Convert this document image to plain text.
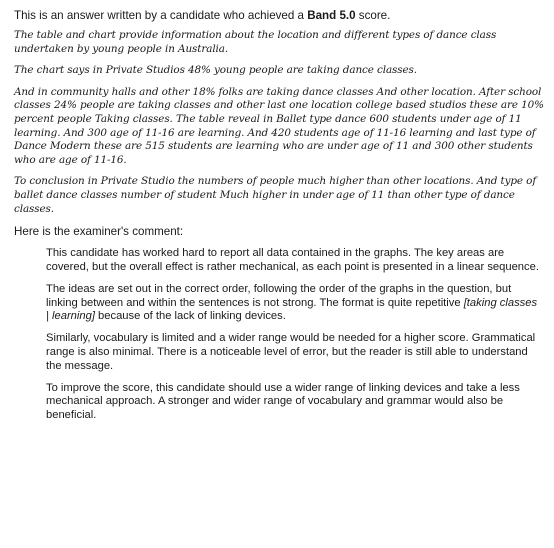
This is an answer written by a candidate who achieved a Band 5.0 score.

The table and chart provide information about the location and different types of dance class undertaken by young people in Australia.

The chart says in Private Studios 48% young people are taking dance classes.

And in community halls and other 18% folks are taking dance classes And other location. After school classes 24% people are taking classes and other last one location college based studios these are 10% percent people Taking classes. The table reveal in Ballet type dance 600 students under age of 11 learning. And 300 age of 11-16 are learning. And 420 students age of 11-16 learning and last type of Dance Modern these are 515 students are learning who are under age of 11 and 300 other students who are age of 11-16.

To conclusion in Private Studio the numbers of people much higher than other locations. And type of ballet dance classes number of student Much higher in under age of 11 than other type of dance classes.

Here is the examiner's comment:

This candidate has worked hard to report all data contained in the graphs. The key areas are covered, but the overall effect is rather mechanical, as each point is presented in a linear sequence.

The ideas are set out in the correct order, following the order of the graphs in the question, but linking between and within the sentences is not strong. The format is quite repetitive [taking classes | learning] because of the lack of linking devices.

Similarly, vocabulary is limited and a wider range would be needed for a higher score. Grammatical range is also minimal. There is a noticeable level of error, but the reader is still able to understand the message.

To improve the score, this candidate should use a wider range of linking devices and take a less mechanical approach. A stronger and wider range of vocabulary and grammar would also be beneficial.
